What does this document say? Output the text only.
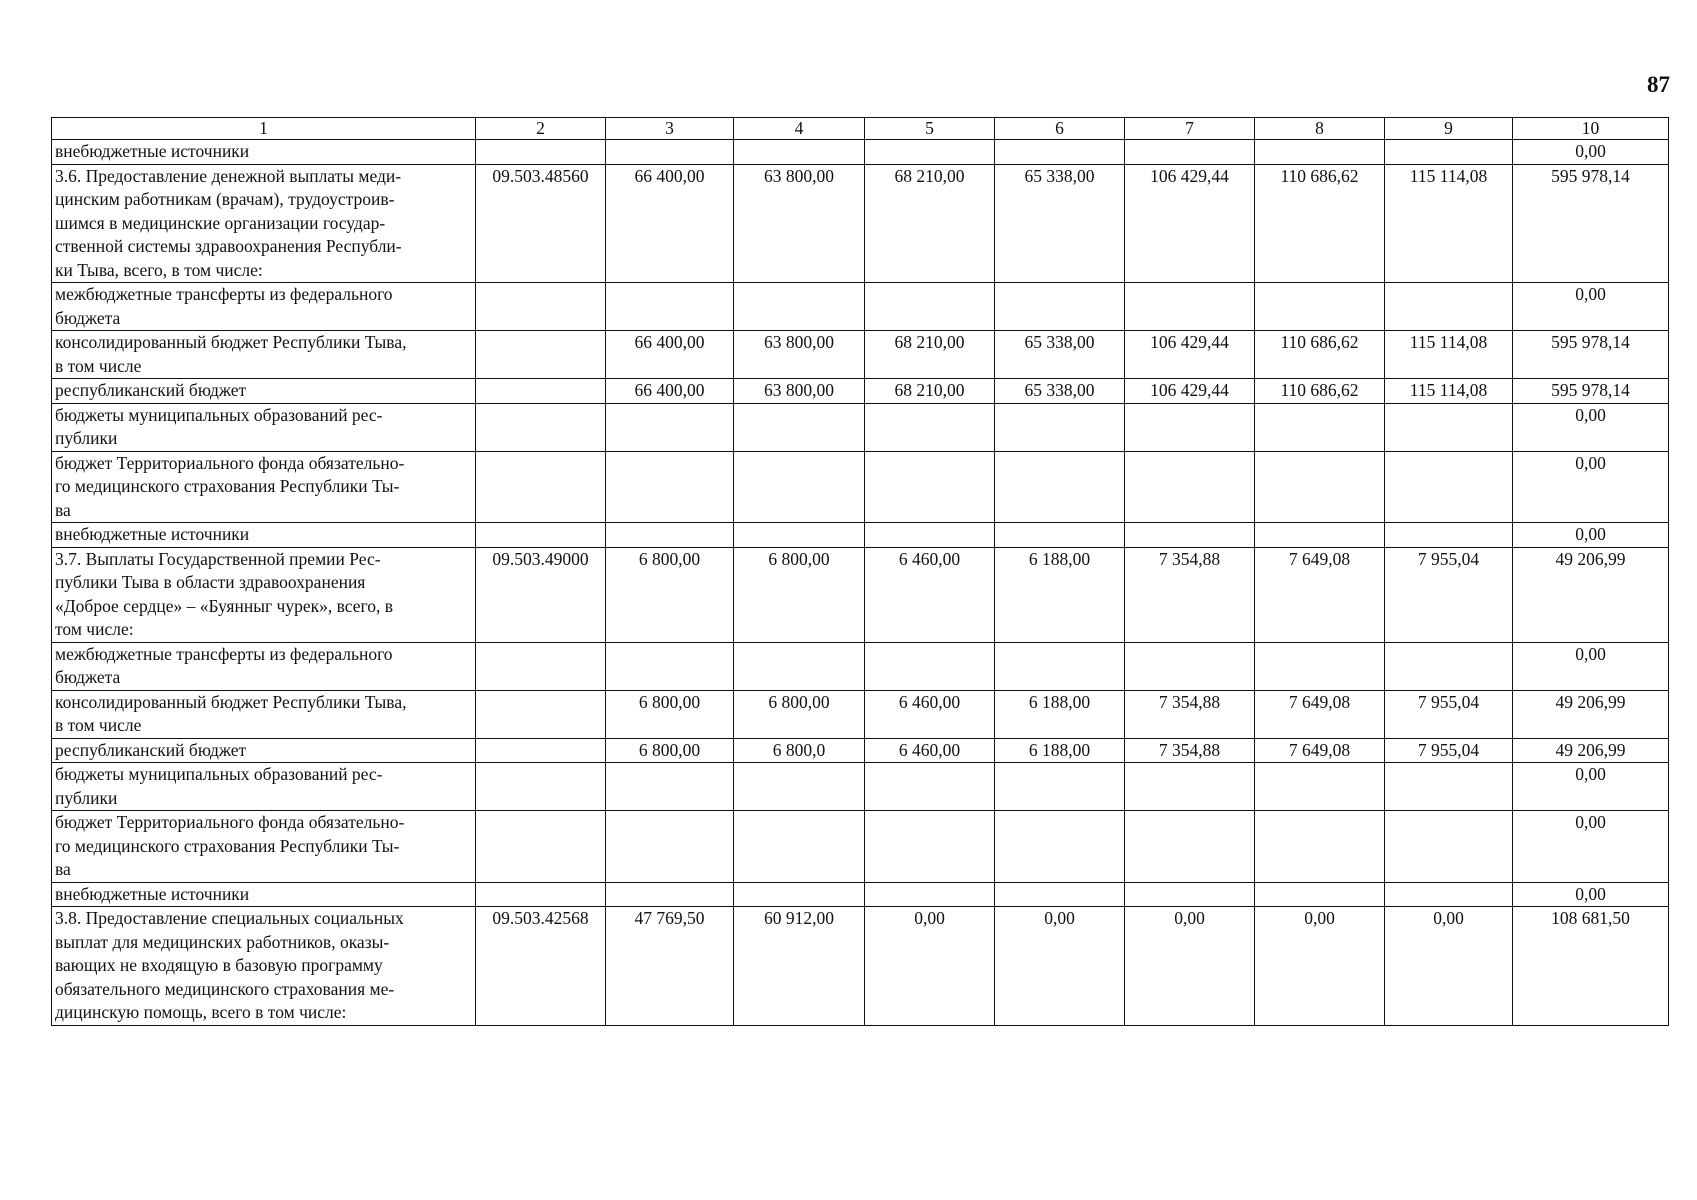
87
1	2	3	4	5	6	7	8	9	10
внебюджетные источники									0,00
3.6. Предоставление денежной выплаты меди-
цинским работникам (врачам), трудоустроив-
шимся в медицинские организации государ-
ственной системы здравоохранения Республи-
ки Тыва, всего, в том числе:	09.503.48560	66 400,00	63 800,00	68 210,00	65 338,00	106 429,44	110 686,62	115 114,08	595 978,14
межбюджетные трансферты из федерального
бюджета									0,00
консолидированный бюджет Республики Тыва,
в том числе		66 400,00	63 800,00	68 210,00	65 338,00	106 429,44	110 686,62	115 114,08	595 978,14
республиканский бюджет		66 400,00	63 800,00	68 210,00	65 338,00	106 429,44	110 686,62	115 114,08	595 978,14
бюджеты муниципальных образований рес-
публики									0,00
бюджет Территориального фонда обязательно-
го медицинского страхования Республики Ты-
ва									0,00
внебюджетные источники									0,00
3.7. Выплаты Государственной премии Рес-
публики Тыва в области здравоохранения
«Доброе сердце» – «Буянныг чурек», всего, в
том числе:	09.503.49000	6 800,00	6 800,00	6 460,00	6 188,00	7 354,88	7 649,08	7 955,04	49 206,99
межбюджетные трансферты из федерального
бюджета									0,00
консолидированный бюджет Республики Тыва,
в том числе		6 800,00	6 800,00	6 460,00	6 188,00	7 354,88	7 649,08	7 955,04	49 206,99
республиканский бюджет		6 800,00	6 800,0	6 460,00	6 188,00	7 354,88	7 649,08	7 955,04	49 206,99
бюджеты муниципальных образований рес-
публики									0,00
бюджет Территориального фонда обязательно-
го медицинского страхования Республики Ты-
ва									0,00
внебюджетные источники									0,00
3.8. Предоставление специальных социальных
выплат для медицинских работников, оказы-
вающих не входящую в базовую программу
обязательного медицинского страхования ме-
дицинскую помощь, всего в том числе:	09.503.42568	47 769,50	60 912,00	0,00	0,00	0,00	0,00	0,00	108 681,50
